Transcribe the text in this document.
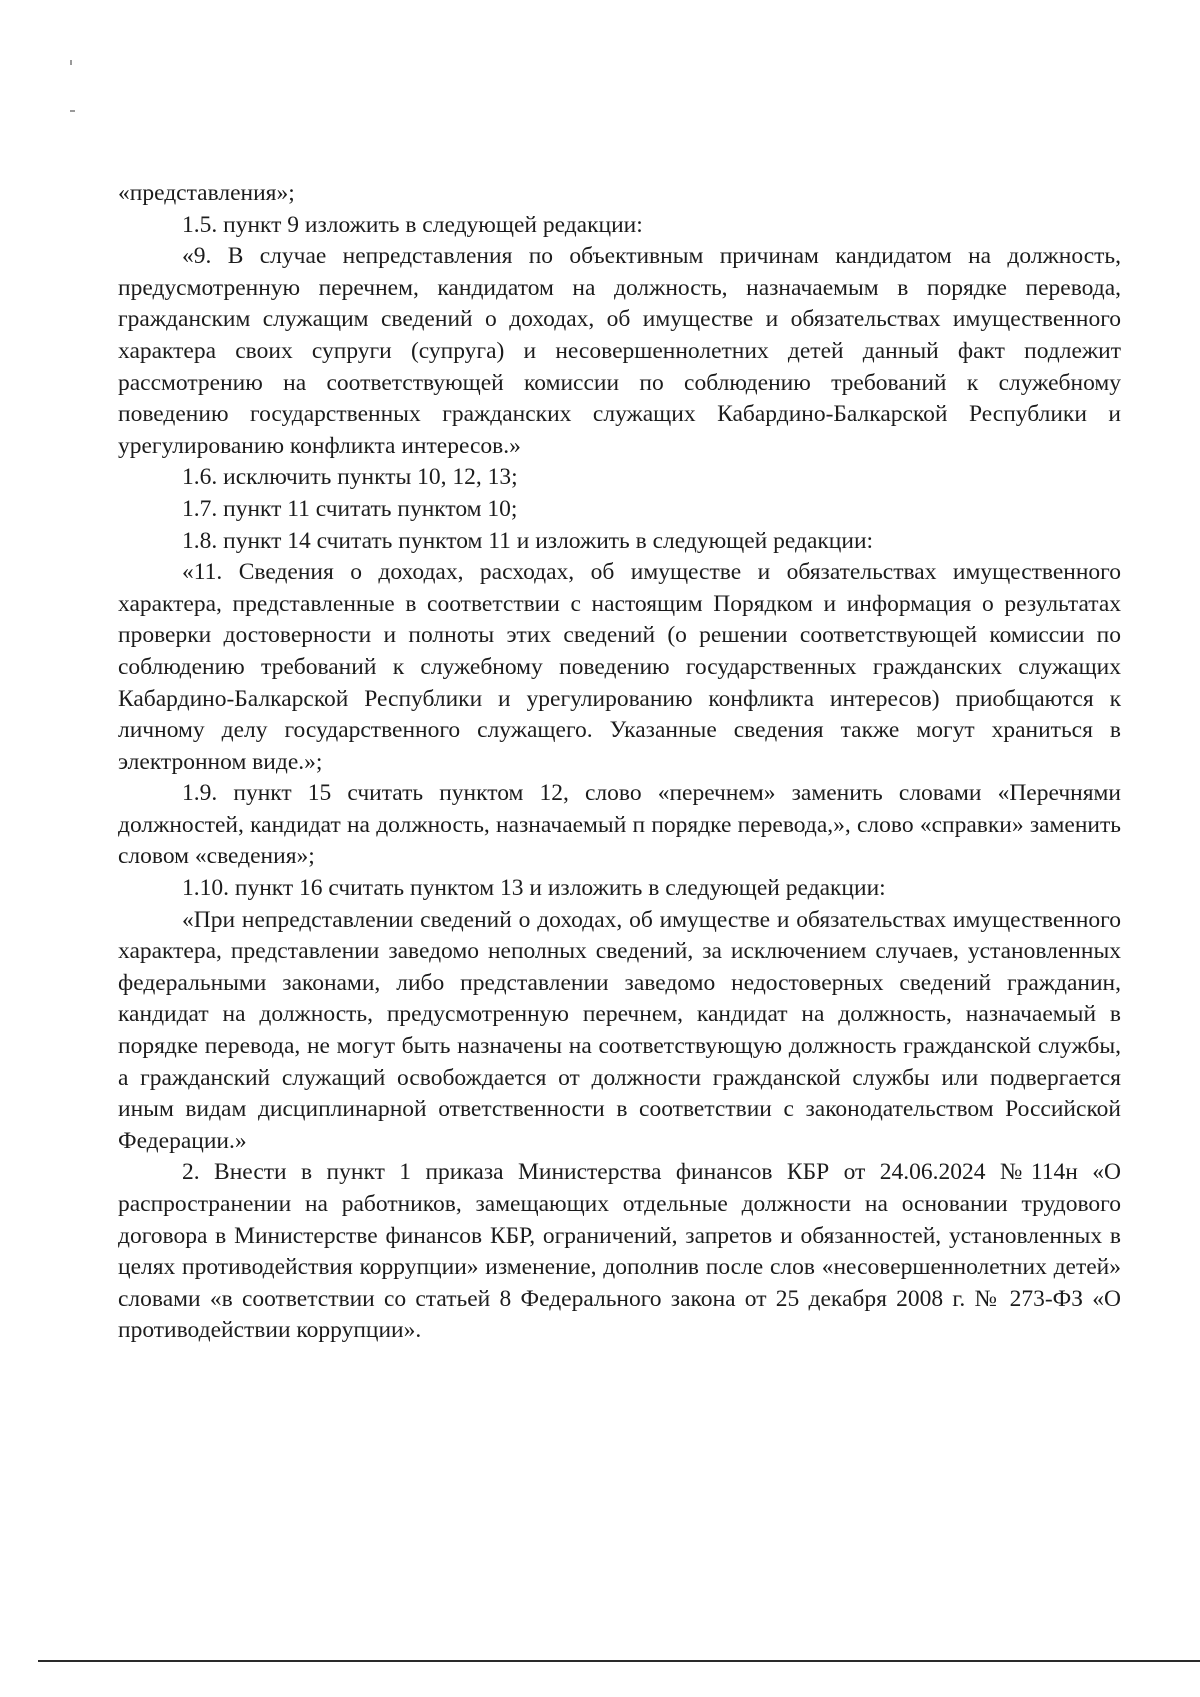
«представления»;

1.5. пункт 9 изложить в следующей редакции:

«9. В случае непредставления по объективным причинам кандидатом на должность, предусмотренную перечнем, кандидатом на должность, назначаемым в порядке перевода, гражданским служащим сведений о доходах, об имуществе и обязательствах имущественного характера своих супруги (супруга) и несовершеннолетних детей данный факт подлежит рассмотрению на соответствующей комиссии по соблюдению требований к служебному поведению государственных гражданских служащих Кабардино-Балкарской Республики и урегулированию конфликта интересов.»

1.6. исключить пункты 10, 12, 13;

1.7. пункт 11 считать пунктом 10;

1.8. пункт 14 считать пунктом 11 и изложить в следующей редакции:

«11. Сведения о доходах, расходах, об имуществе и обязательствах имущественного характера, представленные в соответствии с настоящим Порядком и информация о результатах проверки достоверности и полноты этих сведений (о решении соответствующей комиссии по соблюдению требований к служебному поведению государственных гражданских служащих Кабардино-Балкарской Республики и урегулированию конфликта интересов) приобщаются к личному делу государственного служащего. Указанные сведения также могут храниться в электронном виде.»;

1.9. пункт 15 считать пунктом 12, слово «перечнем» заменить словами «Перечнями должностей, кандидат на должность, назначаемый п порядке перевода,», слово «справки» заменить словом «сведения»;

1.10. пункт 16 считать пунктом 13 и изложить в следующей редакции:

«При непредставлении сведений о доходах, об имуществе и обязательствах имущественного характера, представлении заведомо неполных сведений, за исключением случаев, установленных федеральными законами, либо представлении заведомо недостоверных сведений гражданин, кандидат на должность, предусмотренную перечнем, кандидат на должность, назначаемый в порядке перевода, не могут быть назначены на соответствующую должность гражданской службы, а гражданский служащий освобождается от должности гражданской службы или подвергается иным видам дисциплинарной ответственности в соответствии с законодательством Российской Федерации.»

2. Внести в пункт 1 приказа Министерства финансов КБР от 24.06.2024 №114н «О распространении на работников, замещающих отдельные должности на основании трудового договора в Министерстве финансов КБР, ограничений, запретов и обязанностей, установленных в целях противодействия коррупции» изменение, дополнив после слов «несовершеннолетних детей» словами «в соответствии со статьей 8 Федерального закона от 25 декабря 2008 г. № 273-ФЗ «О противодействии коррупции».
